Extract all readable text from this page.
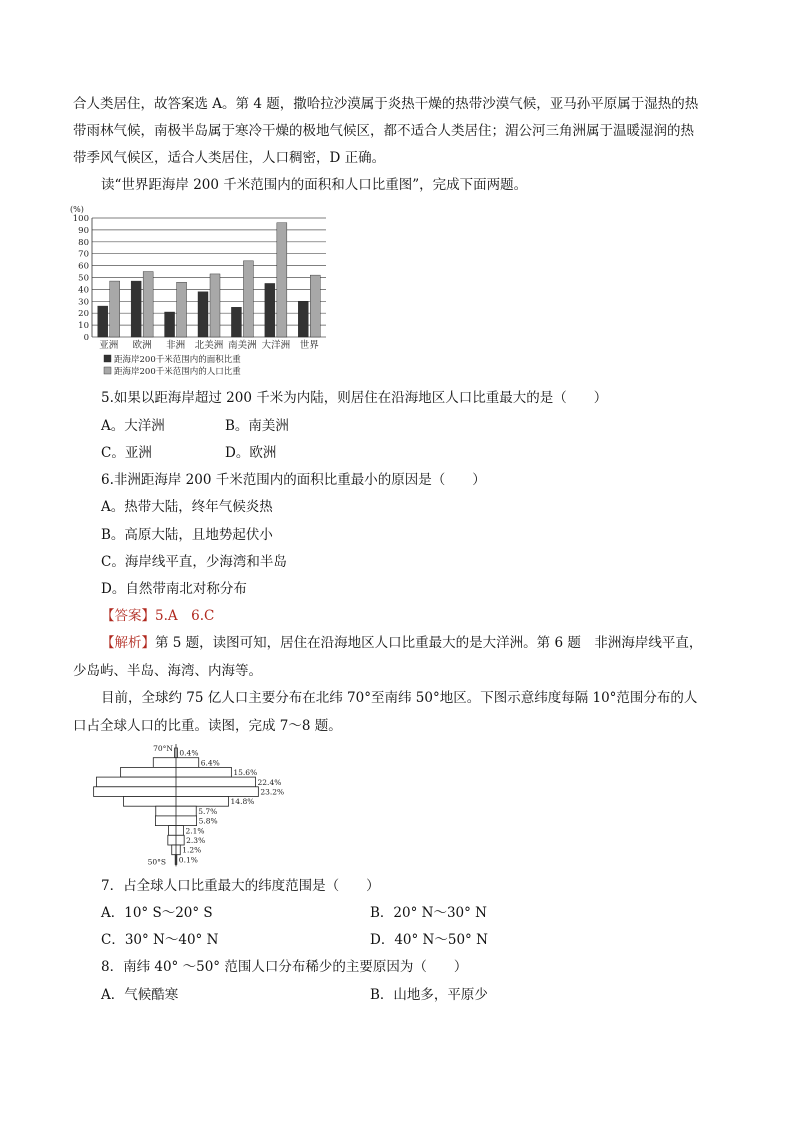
合人类居住，故答案选 A。第 4 题，撒哈拉沙漠属于炎热干燥的热带沙漠气候，亚马孙平原属于湿热的热
带雨林气候，南极半岛属于寒冷干燥的极地气候区，都不适合人类居住；湄公河三角洲属于温暖湿润的热
带季风气候区，适合人类居住，人口稠密，D 正确。
读“世界距海岸 200 千米范围内的面积和人口比重图”，完成下面两题。
(%)
0
10
20
30
40
50
60
70
80
90
100
亚洲 欧洲 非洲 北美洲 南美洲 大洋洲 世界
距海岸200千米范围内的面积比重
距海岸200千米范围内的人口比重
5.如果以距海岸超过 200 千米为内陆，则居住在沿海地区人口比重最大的是（　　）
A。大洋洲	B。南美洲
C。亚洲	D。欧洲
6.非洲距海岸 200 千米范围内的面积比重最小的原因是（　　）
A。热带大陆，终年气候炎热
B。高原大陆，且地势起伏小
C。海岸线平直，少海湾和半岛
D。自然带南北对称分布
【答案】5.A　6.C
【解析】第 5 题，读图可知，居住在沿海地区人口比重最大的是大洋洲。第 6 题　非洲海岸线平直，
少岛屿、半岛、海湾、内海等。
目前，全球约 75 亿人口主要分布在北纬 70°至南纬 50°地区。下图示意纬度每隔 10°范围分布的人
口占全球人口的比重。读图，完成 7～8 题。
0.4%
6.4%
15.6%
22.4%
23.2%
14.8%
5.7%
5.8%
2.1%
2.3%
1.2%
0.1%
70°N
50°S
7．占全球人口比重最大的纬度范围是（　　）
A．10° S～20° S	B．20° N～30° N
C．30° N～40° N	D．40° N～50° N
8．南纬 40° ～50° 范围人口分布稀少的主要原因为（　　）
A．气候酷寒	B．山地多，平原少
